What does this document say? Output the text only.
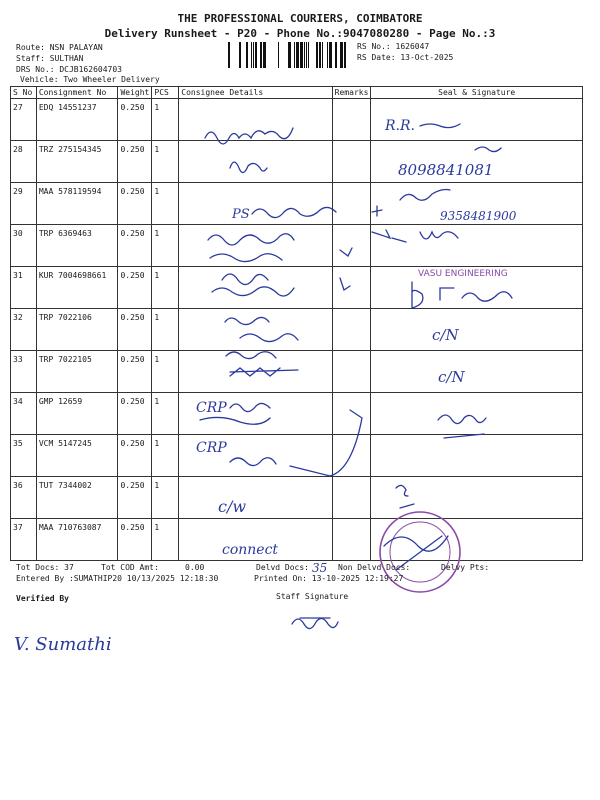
THE PROFESSIONAL COURIERS, COIMBATORE
Delivery Runsheet - P20 - Phone No.:9047080280 - Page No.:3
Route: NSN PALAYAN
Staff: SULTHAN
DRS No.: DCJB162604703
Vehicle: Two Wheeler Delivery
RS No.: 1626047
RS Date: 13-Oct-2025
S No	Consignment No	Weight	PCS	Consignee Details	Remarks	Seal & Signature
27	EDQ 14551237	0.250	1			
28	TRZ 275154345	0.250	1			
29	MAA 578119594	0.250	1			
30	TRP 6369463	0.250	1			
31	KUR 7004698661	0.250	1			
32	TRP 7022106	0.250	1			
33	TRP 7022105	0.250	1			
34	GMP 12659	0.250	1			
35	VCM 5147245	0.250	1			
36	TUT 7344002	0.250	1			
37	MAA 710763087	0.250	1			
R.R.
8098841081
PS	9358481900
VASU ENGINEERING
c/N
c/N
CRP
CRP
c/w
connect
35
V. Sumathi
Tot Docs: 37	Tot COD Amt:	0.00	Delvd Docs:	Non Delvd Docs:	Delvy Pts:
Entered By :SUMATHIP20 10/13/2025 12:18:30	Printed On: 13-10-2025 12:19:27
Verified By	Staff Signature
